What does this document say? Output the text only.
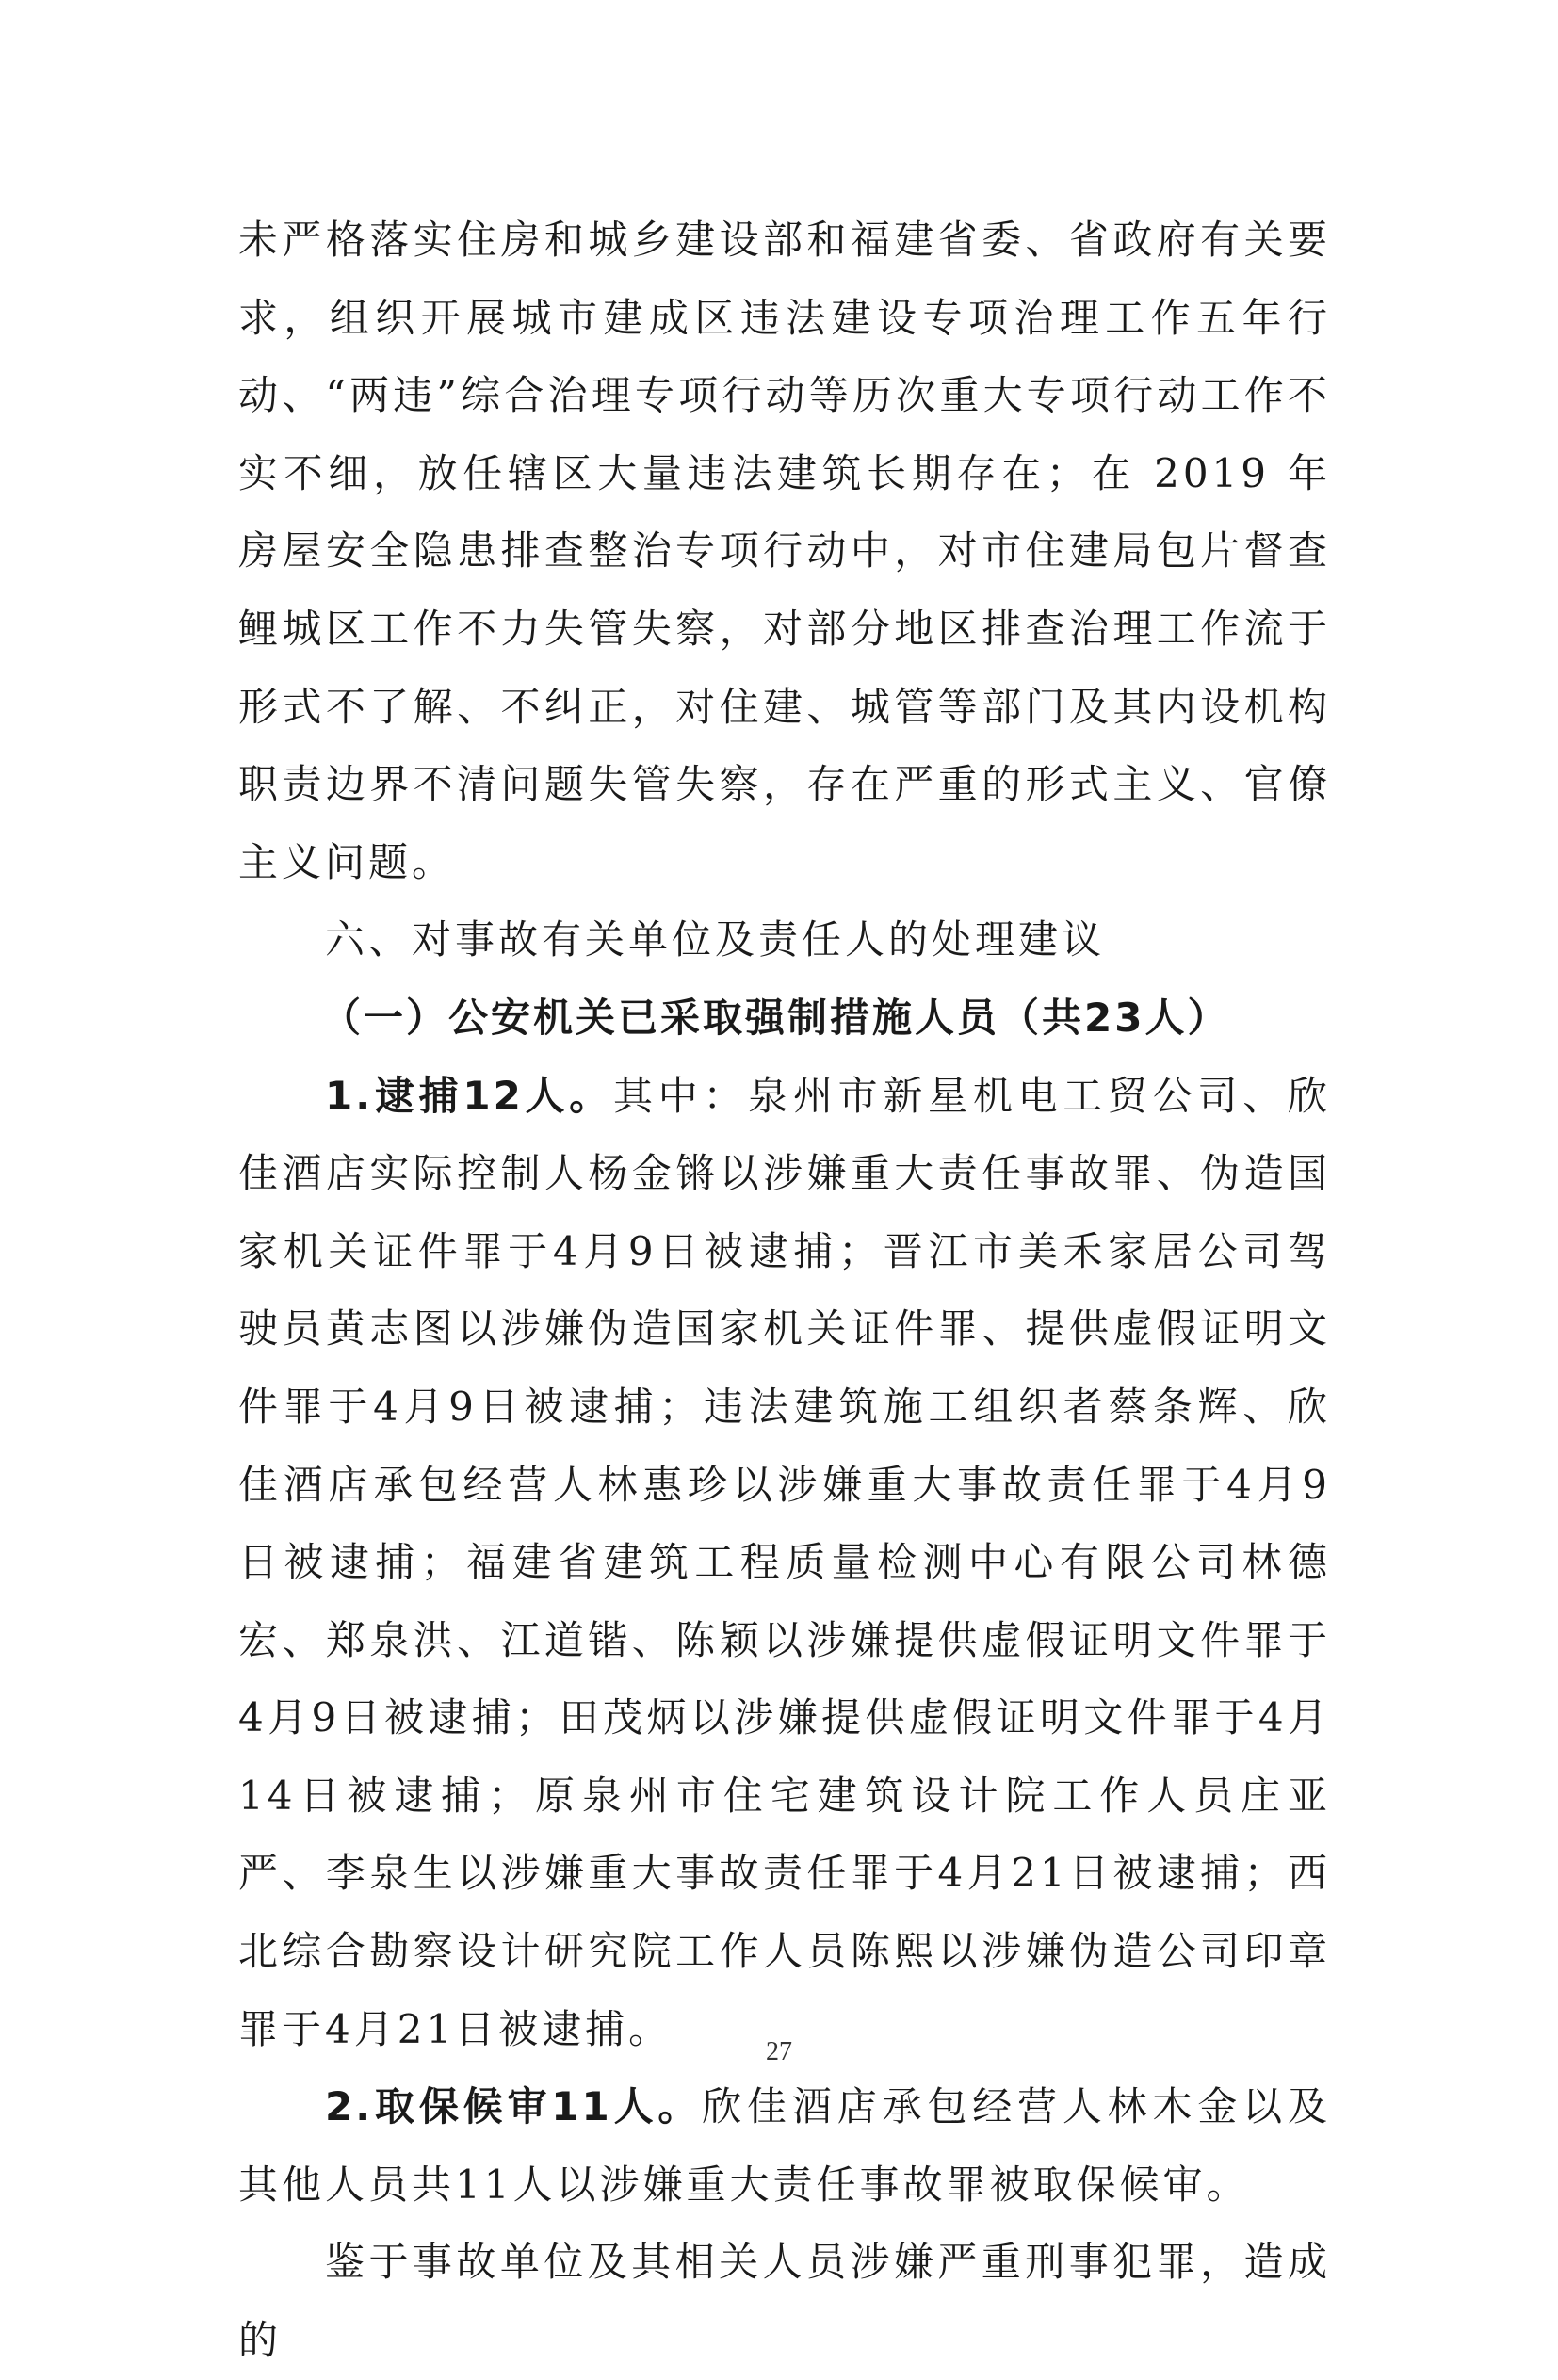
未严格落实住房和城乡建设部和福建省委、省政府有关要求，组织开展城市建成区违法建设专项治理工作五年行动、“两违”综合治理专项行动等历次重大专项行动工作不实不细，放任辖区大量违法建筑长期存在；在 2019 年房屋安全隐患排查整治专项行动中，对市住建局包片督查鲤城区工作不力失管失察，对部分地区排查治理工作流于形式不了解、不纠正，对住建、城管等部门及其内设机构职责边界不清问题失管失察，存在严重的形式主义、官僚主义问题。

六、对事故有关单位及责任人的处理建议

（一）公安机关已采取强制措施人员（共23人）

1.逮捕12人。其中：泉州市新星机电工贸公司、欣佳酒店实际控制人杨金锵以涉嫌重大责任事故罪、伪造国家机关证件罪于4月9日被逮捕；晋江市美禾家居公司驾驶员黄志图以涉嫌伪造国家机关证件罪、提供虚假证明文件罪于4月9日被逮捕；违法建筑施工组织者蔡条辉、欣佳酒店承包经营人林惠珍以涉嫌重大事故责任罪于4月9日被逮捕；福建省建筑工程质量检测中心有限公司林德宏、郑泉洪、江道锴、陈颖以涉嫌提供虚假证明文件罪于4月9日被逮捕；田茂炳以涉嫌提供虚假证明文件罪于4月14日被逮捕；原泉州市住宅建筑设计院工作人员庄亚严、李泉生以涉嫌重大事故责任罪于4月21日被逮捕；西北综合勘察设计研究院工作人员陈熙以涉嫌伪造公司印章罪于4月21日被逮捕。

2.取保候审11人。欣佳酒店承包经营人林木金以及其他人员共11人以涉嫌重大责任事故罪被取保候审。

鉴于事故单位及其相关人员涉嫌严重刑事犯罪，造成的

27
